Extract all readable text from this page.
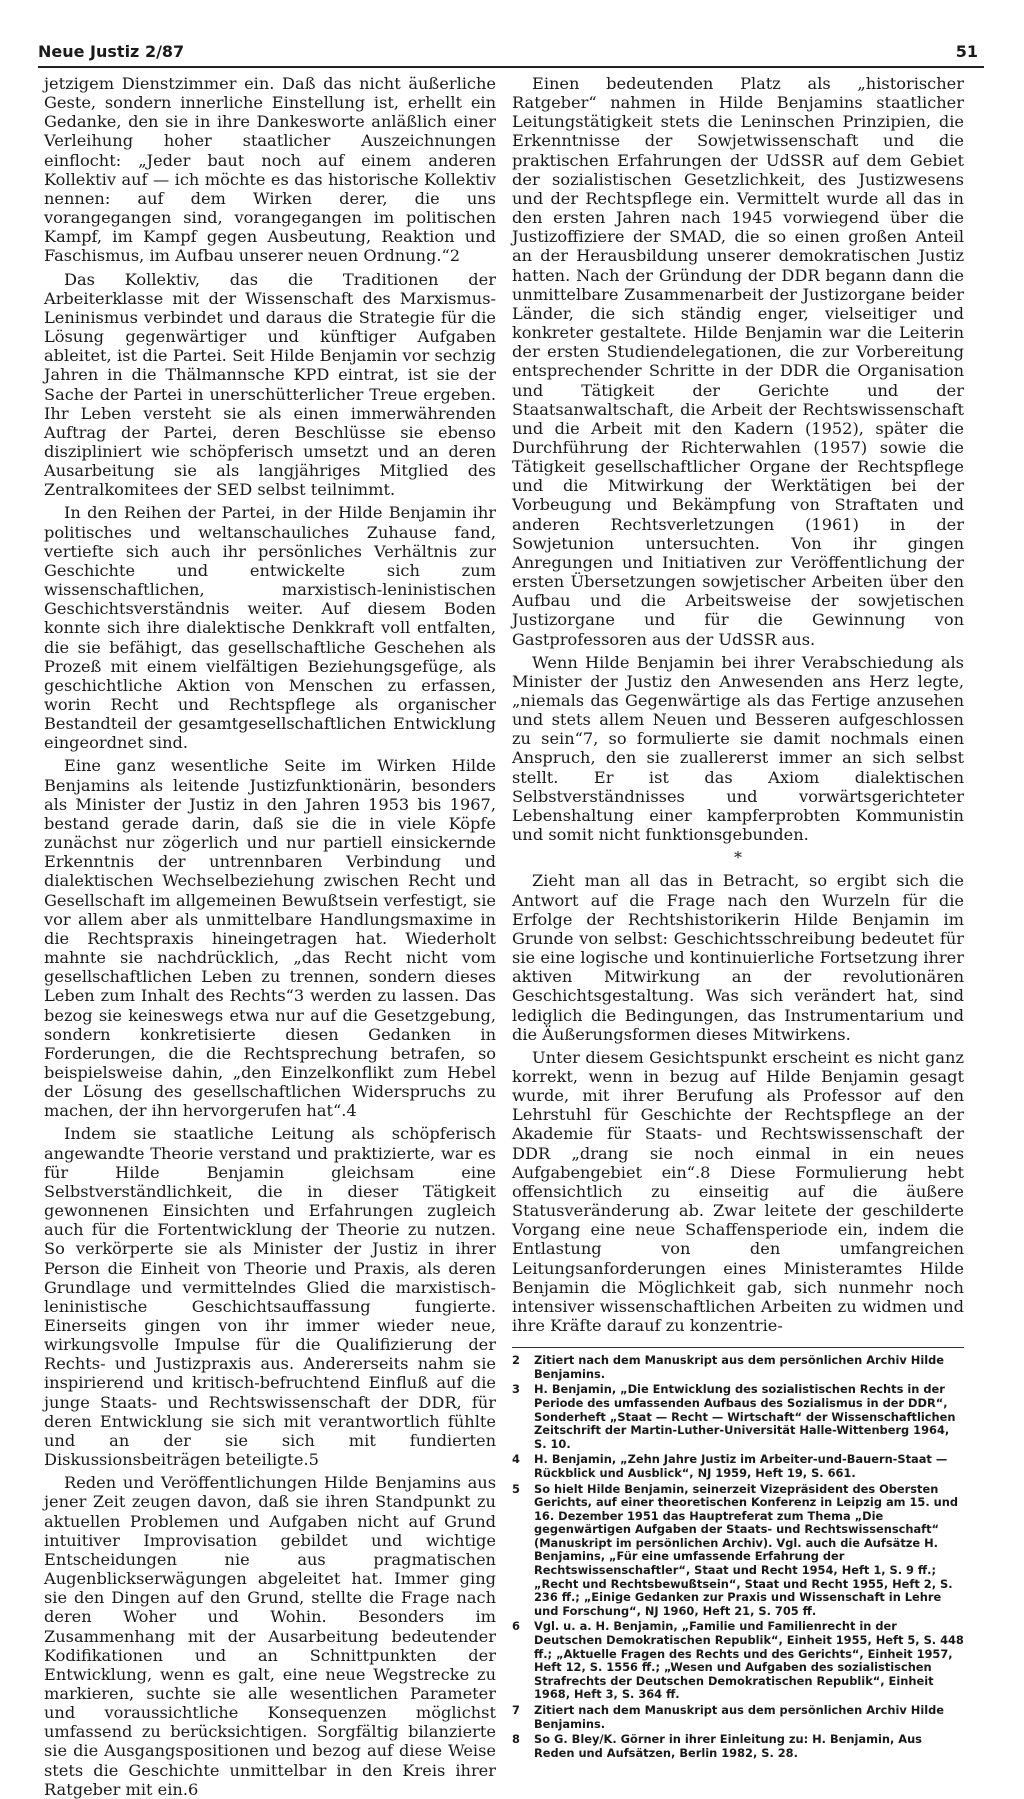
Neue Justiz 2/87	51

jetzigem Dienstzimmer ein. Daß das nicht äußerliche Geste, sondern innerliche Einstellung ist, erhellt ein Gedanke, den sie in ihre Dankesworte anläßlich einer Verleihung hoher staatlicher Auszeichnungen einflocht: „Jeder baut noch auf einem anderen Kollektiv auf — ich möchte es das historische Kollektiv nennen: auf dem Wirken derer, die uns vorangegangen sind, vorangegangen im politischen Kampf, im Kampf gegen Ausbeutung, Reaktion und Faschismus, im Aufbau unserer neuen Ordnung.“2

Das Kollektiv, das die Traditionen der Arbeiterklasse mit der Wissenschaft des Marxismus-Leninismus verbindet und daraus die Strategie für die Lösung gegenwärtiger und künftiger Aufgaben ableitet, ist die Partei. Seit Hilde Benjamin vor sechzig Jahren in die Thälmannsche KPD eintrat, ist sie der Sache der Partei in unerschütterlicher Treue ergeben. Ihr Leben versteht sie als einen immerwährenden Auftrag der Partei, deren Beschlüsse sie ebenso diszipliniert wie schöpferisch umsetzt und an deren Ausarbeitung sie als langjähriges Mitglied des Zentralkomitees der SED selbst teilnimmt.

In den Reihen der Partei, in der Hilde Benjamin ihr politisches und weltanschauliches Zuhause fand, vertiefte sich auch ihr persönliches Verhältnis zur Geschichte und entwickelte sich zum wissenschaftlichen, marxistisch-leninistischen Geschichtsverständnis weiter. Auf diesem Boden konnte sich ihre dialektische Denkkraft voll entfalten, die sie befähigt, das gesellschaftliche Geschehen als Prozeß mit einem vielfältigen Beziehungsgefüge, als geschichtliche Aktion von Menschen zu erfassen, worin Recht und Rechtspflege als organischer Bestandteil der gesamtgesellschaftlichen Entwicklung eingeordnet sind.

Eine ganz wesentliche Seite im Wirken Hilde Benjamins als leitende Justizfunktionärin, besonders als Minister der Justiz in den Jahren 1953 bis 1967, bestand gerade darin, daß sie die in viele Köpfe zunächst nur zögerlich und nur partiell einsickernde Erkenntnis der untrennbaren Verbindung und dialektischen Wechselbeziehung zwischen Recht und Gesellschaft im allgemeinen Bewußtsein verfestigt, sie vor allem aber als unmittelbare Handlungsmaxime in die Rechtspraxis hineingetragen hat. Wiederholt mahnte sie nachdrücklich, „das Recht nicht vom gesellschaftlichen Leben zu trennen, sondern dieses Leben zum Inhalt des Rechts“3 werden zu lassen. Das bezog sie keineswegs etwa nur auf die Gesetzgebung, sondern konkretisierte diesen Gedanken in Forderungen, die die Rechtsprechung betrafen, so beispielsweise dahin, „den Einzelkonflikt zum Hebel der Lösung des gesellschaftlichen Widerspruchs zu machen, der ihn hervorgerufen hat“.4

Indem sie staatliche Leitung als schöpferisch angewandte Theorie verstand und praktizierte, war es für Hilde Benjamin gleichsam eine Selbstverständlichkeit, die in dieser Tätigkeit gewonnenen Einsichten und Erfahrungen zugleich auch für die Fortentwicklung der Theorie zu nutzen. So verkörperte sie als Minister der Justiz in ihrer Person die Einheit von Theorie und Praxis, als deren Grundlage und vermittelndes Glied die marxistisch-leninistische Geschichtsauffassung fungierte. Einerseits gingen von ihr immer wieder neue, wirkungsvolle Impulse für die Qualifizierung der Rechts- und Justizpraxis aus. Andererseits nahm sie inspirierend und kritisch-befruchtend Einfluß auf die junge Staats- und Rechtswissenschaft der DDR, für deren Entwicklung sie sich mit verantwortlich fühlte und an der sie sich mit fundierten Diskussionsbeiträgen beteiligte.5

Reden und Veröffentlichungen Hilde Benjamins aus jener Zeit zeugen davon, daß sie ihren Standpunkt zu aktuellen Problemen und Aufgaben nicht auf Grund intuitiver Improvisation gebildet und wichtige Entscheidungen nie aus pragmatischen Augenblickserwägungen abgeleitet hat. Immer ging sie den Dingen auf den Grund, stellte die Frage nach deren Woher und Wohin. Besonders im Zusammenhang mit der Ausarbeitung bedeutender Kodifikationen und an Schnittpunkten der Entwicklung, wenn es galt, eine neue Wegstrecke zu markieren, suchte sie alle wesentlichen Parameter und voraussichtliche Konsequenzen möglichst umfassend zu berücksichtigen. Sorgfältig bilanzierte sie die Ausgangspositionen und bezog auf diese Weise stets die Geschichte unmittelbar in den Kreis ihrer Ratgeber mit ein.6

Einen bedeutenden Platz als „historischer Ratgeber“ nahmen in Hilde Benjamins staatlicher Leitungstätigkeit stets die Leninschen Prinzipien, die Erkenntnisse der Sowjetwissenschaft und die praktischen Erfahrungen der UdSSR auf dem Gebiet der sozialistischen Gesetzlichkeit, des Justizwesens und der Rechtspflege ein. Vermittelt wurde all das in den ersten Jahren nach 1945 vorwiegend über die Justizoffiziere der SMAD, die so einen großen Anteil an der Herausbildung unserer demokratischen Justiz hatten. Nach der Gründung der DDR begann dann die unmittelbare Zusammenarbeit der Justizorgane beider Länder, die sich ständig enger, vielseitiger und konkreter gestaltete. Hilde Benjamin war die Leiterin der ersten Studiendelegationen, die zur Vorbereitung entsprechender Schritte in der DDR die Organisation und Tätigkeit der Gerichte und der Staatsanwaltschaft, die Arbeit der Rechtswissenschaft und die Arbeit mit den Kadern (1952), später die Durchführung der Richterwahlen (1957) sowie die Tätigkeit gesellschaftlicher Organe der Rechtspflege und die Mitwirkung der Werktätigen bei der Vorbeugung und Bekämpfung von Straftaten und anderen Rechtsverletzungen (1961) in der Sowjetunion untersuchten. Von ihr gingen Anregungen und Initiativen zur Veröffentlichung der ersten Übersetzungen sowjetischer Arbeiten über den Aufbau und die Arbeitsweise der sowjetischen Justizorgane und für die Gewinnung von Gastprofessoren aus der UdSSR aus.

Wenn Hilde Benjamin bei ihrer Verabschiedung als Minister der Justiz den Anwesenden ans Herz legte, „niemals das Gegenwärtige als das Fertige anzusehen und stets allem Neuen und Besseren aufgeschlossen zu sein“7, so formulierte sie damit nochmals einen Anspruch, den sie zuallererst immer an sich selbst stellt. Er ist das Axiom dialektischen Selbstverständnisses und vorwärtsgerichteter Lebenshaltung einer kampferprobten Kommunistin und somit nicht funktionsgebunden.

*

Zieht man all das in Betracht, so ergibt sich die Antwort auf die Frage nach den Wurzeln für die Erfolge der Rechtshistorikerin Hilde Benjamin im Grunde von selbst: Geschichtsschreibung bedeutet für sie eine logische und kontinuierliche Fortsetzung ihrer aktiven Mitwirkung an der revolutionären Geschichtsgestaltung. Was sich verändert hat, sind lediglich die Bedingungen, das Instrumentarium und die Äußerungsformen dieses Mitwirkens.

Unter diesem Gesichtspunkt erscheint es nicht ganz korrekt, wenn in bezug auf Hilde Benjamin gesagt wurde, mit ihrer Berufung als Professor auf den Lehrstuhl für Geschichte der Rechtspflege an der Akademie für Staats- und Rechtswissenschaft der DDR „drang sie noch einmal in ein neues Aufgabengebiet ein“.8 Diese Formulierung hebt offensichtlich zu einseitig auf die äußere Statusveränderung ab. Zwar leitete der geschilderte Vorgang eine neue Schaffensperiode ein, indem die Entlastung von den umfangreichen Leitungsanforderungen eines Ministeramtes Hilde Benjamin die Möglichkeit gab, sich nunmehr noch intensiver wissenschaftlichen Arbeiten zu widmen und ihre Kräfte darauf zu konzentrie-

2 Zitiert nach dem Manuskript aus dem persönlichen Archiv Hilde Benjamins.
3 H. Benjamin, „Die Entwicklung des sozialistischen Rechts in der Periode des umfassenden Aufbaus des Sozialismus in der DDR“, Sonderheft „Staat — Recht — Wirtschaft“ der Wissenschaftlichen Zeitschrift der Martin-Luther-Universität Halle-Wittenberg 1964, S. 10.
4 H. Benjamin, „Zehn Jahre Justiz im Arbeiter-und-Bauern-Staat — Rückblick und Ausblick“, NJ 1959, Heft 19, S. 661.
5 So hielt Hilde Benjamin, seinerzeit Vizepräsident des Obersten Gerichts, auf einer theoretischen Konferenz in Leipzig am 15. und 16. Dezember 1951 das Hauptreferat zum Thema „Die gegenwärtigen Aufgaben der Staats- und Rechtswissenschaft“ (Manuskript im persönlichen Archiv). Vgl. auch die Aufsätze H. Benjamins, „Für eine umfassende Erfahrung der Rechtswissenschaftler“, Staat und Recht 1954, Heft 1, S. 9 ff.; „Recht und Rechtsbewußtsein“, Staat und Recht 1955, Heft 2, S. 236 ff.; „Einige Gedanken zur Praxis und Wissenschaft in Lehre und Forschung“, NJ 1960, Heft 21, S. 705 ff.
6 Vgl. u. a. H. Benjamin, „Familie und Familienrecht in der Deutschen Demokratischen Republik“, Einheit 1955, Heft 5, S. 448 ff.; „Aktuelle Fragen des Rechts und des Gerichts“, Einheit 1957, Heft 12, S. 1556 ff.; „Wesen und Aufgaben des sozialistischen Strafrechts der Deutschen Demokratischen Republik“, Einheit 1968, Heft 3, S. 364 ff.
7 Zitiert nach dem Manuskript aus dem persönlichen Archiv Hilde Benjamins.
8 So G. Bley/K. Görner in ihrer Einleitung zu: H. Benjamin, Aus Reden und Aufsätzen, Berlin 1982, S. 28.
